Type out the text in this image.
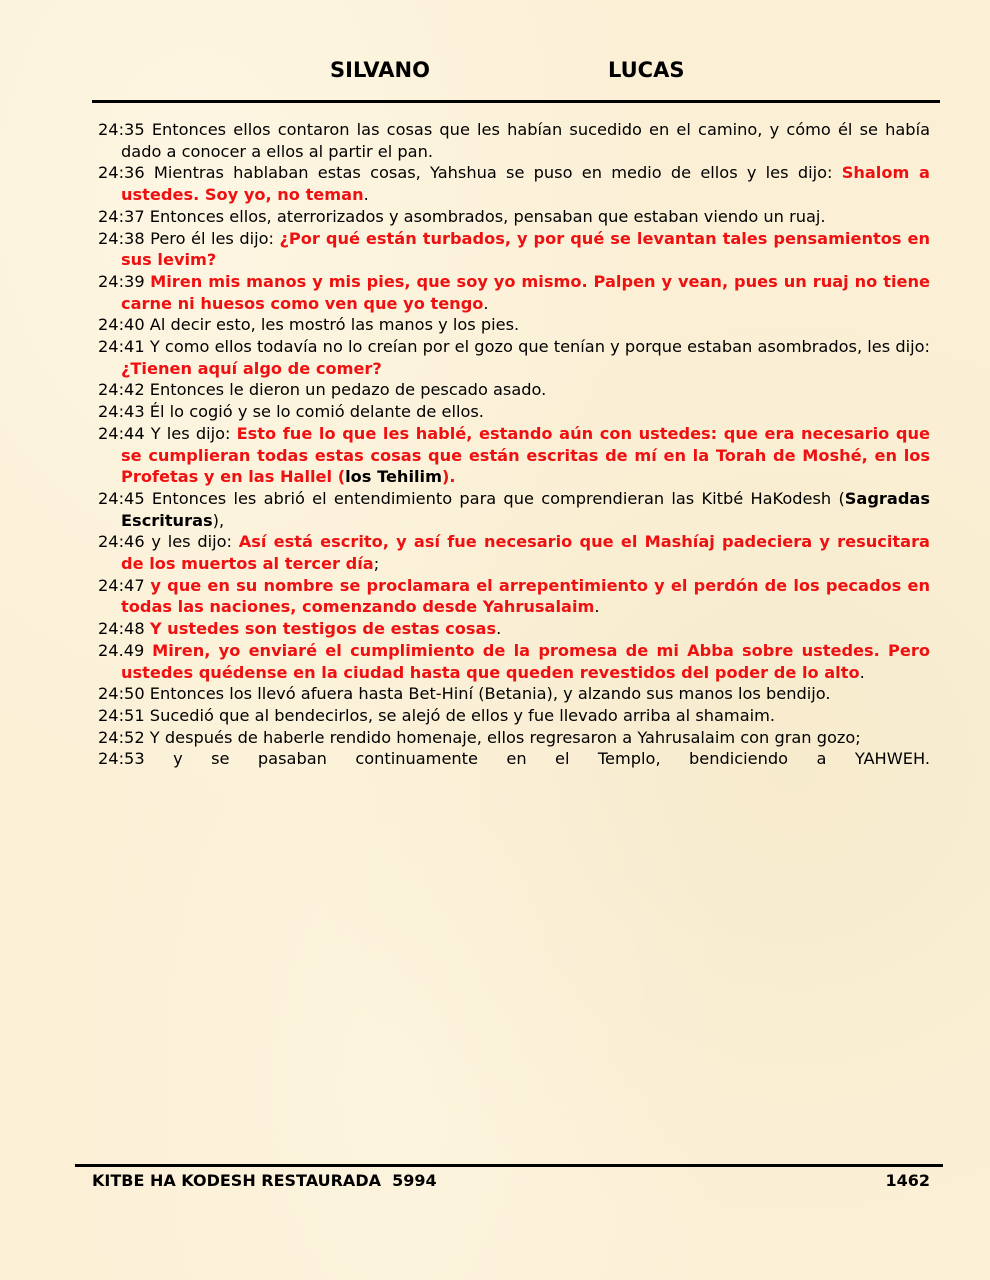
SILVANO	LUCAS

24:35 Entonces ellos contaron las cosas que les habían sucedido en el camino, y cómo él se había dado a conocer a ellos al partir el pan.

24:36 Mientras hablaban estas cosas, Yahshua se puso en medio de ellos y les dijo: Shalom a ustedes. Soy yo, no teman.

24:37 Entonces ellos, aterrorizados y asombrados, pensaban que estaban viendo un ruaj.

24:38 Pero él les dijo: ¿Por qué están turbados, y por qué se levantan tales pensamientos en sus levim?

24:39 Miren mis manos y mis pies, que soy yo mismo. Palpen y vean, pues un ruaj no tiene carne ni huesos como ven que yo tengo.

24:40 Al decir esto, les mostró las manos y los pies.

24:41 Y como ellos todavía no lo creían por el gozo que tenían y porque estaban asombrados, les dijo: ¿Tienen aquí algo de comer?

24:42 Entonces le dieron un pedazo de pescado asado.

24:43 Él lo cogió y se lo comió delante de ellos.

24:44 Y les dijo: Esto fue lo que les hablé, estando aún con ustedes: que era necesario que se cumplieran todas estas cosas que están escritas de mí en la Torah de Moshé, en los Profetas y en las Hallel (los Tehilim).

24:45 Entonces les abrió el entendimiento para que comprendieran las Kitbé HaKodesh (Sagradas Escrituras),

24:46 y les dijo: Así está escrito, y así fue necesario que el Mashíaj padeciera y resucitara de los muertos al tercer día;

24:47 y que en su nombre se proclamara el arrepentimiento y el perdón de los pecados en todas las naciones, comenzando desde Yahrusalaim.

24:48 Y ustedes son testigos de estas cosas.

24.49 Miren, yo enviaré el cumplimiento de la promesa de mi Abba sobre ustedes. Pero ustedes quédense en la ciudad hasta que queden revestidos del poder de lo alto.

24:50 Entonces los llevó afuera hasta Bet-Hiní (Betania), y alzando sus manos los bendijo.

24:51 Sucedió que al bendecirlos, se alejó de ellos y fue llevado arriba al shamaim.

24:52 Y después de haberle rendido homenaje, ellos regresaron a Yahrusalaim con gran gozo;

24:53 y se pasaban continuamente en el Templo, bendiciendo a YAHWEH.

KITBE HA KODESH RESTAURADA  5994	1462
